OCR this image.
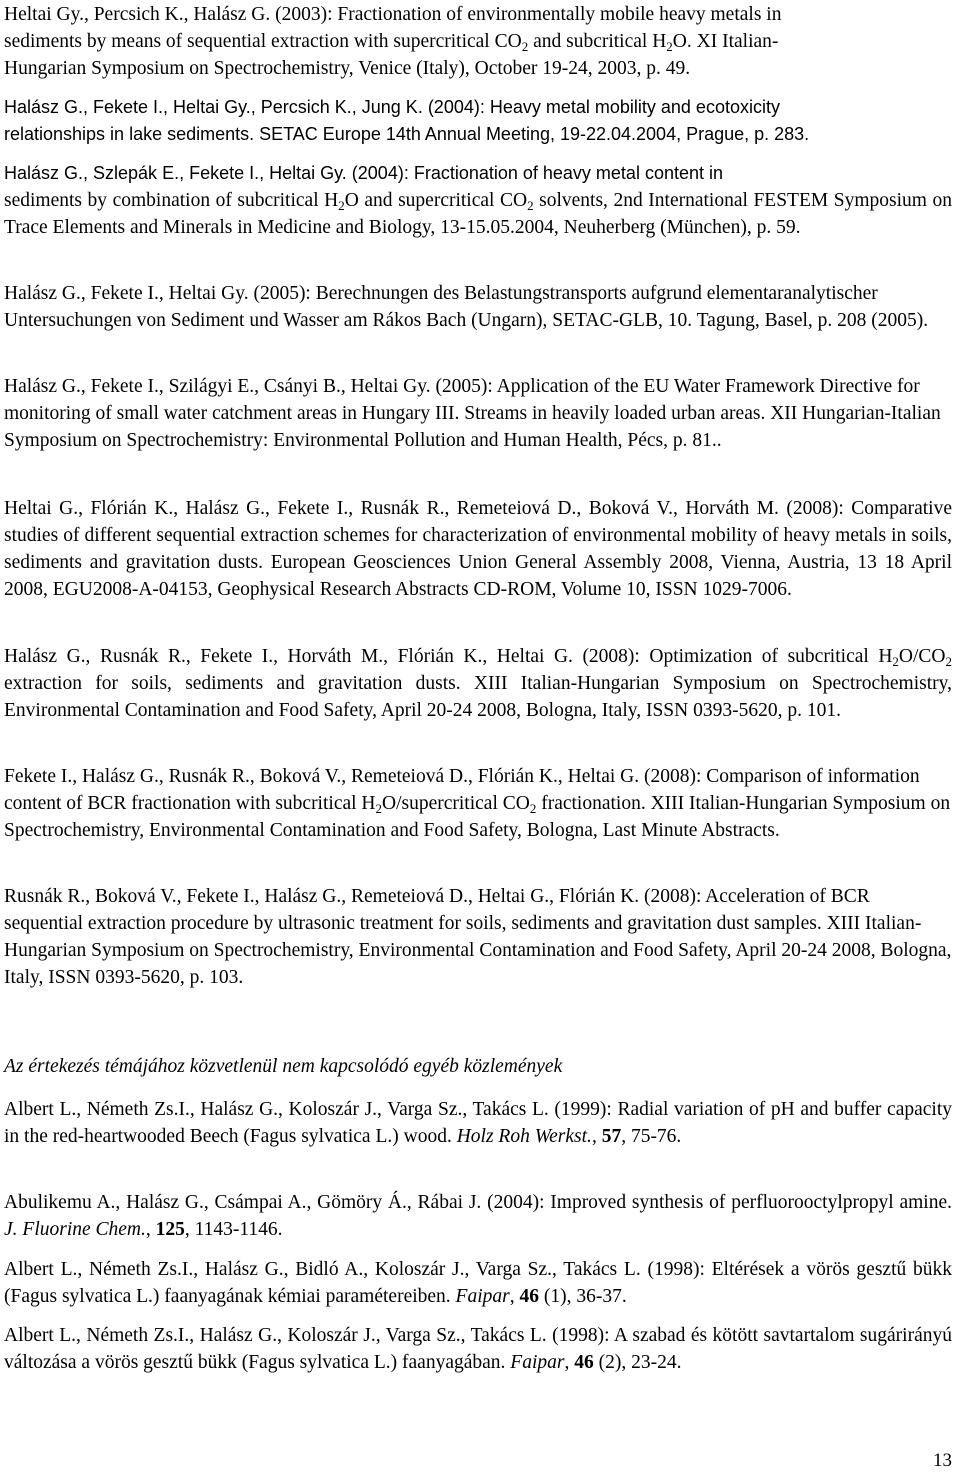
Heltai Gy., Percsich K., Halász G. (2003): Fractionation of environmentally mobile heavy metals in

sediments by means of sequential extraction with supercritical $CO_2$ and subcritical $H_2O$. XI Italian-

Hungarian Symposium on Spectrochemistry, Venice (Italy), October 19-24, 2003, p. 49.

Halász G., Fekete I., Heltai Gy., Percsich K., Jung K. (2004): Heavy metal mobility and ecotoxicity

relationships in lake sediments. SETAC Europe 14th Annual Meeting, 19-22.04.2004, Prague, p. 283.

Halász G., Szlepák E., Fekete I., Heltai Gy. (2004): Fractionation of heavy metal content in

sediments by combination of subcritical $H_2O$ and supercritical $CO_2$ solvents, 2nd International FESTEM Symposium on Trace Elements and Minerals in Medicine and Biology, 13-15.05.2004, Neuherberg (München), p. 59.

Halász G., Fekete I., Heltai Gy. (2005): Berechnungen des Belastungstransports aufgrund elementaranalytischer Untersuchungen von Sediment und Wasser am Rákos Bach (Ungarn), SETAC-GLB, 10. Tagung, Basel, p. 208 (2005).

Halász G., Fekete I., Szilágyi E., Csányi B., Heltai Gy. (2005): Application of the EU Water Framework Directive for monitoring of small water catchment areas in Hungary III. Streams in heavily loaded urban areas. XII Hungarian-Italian Symposium on Spectrochemistry: Environmental Pollution and Human Health, Pécs, p. 81..

Heltai G., Flórián K., Halász G., Fekete I., Rusnák R., Remeteiová D., Boková V., Horváth M. (2008): Comparative studies of different sequential extraction schemes for characterization of environmental mobility of heavy metals in soils, sediments and gravitation dusts. European Geosciences Union General Assembly 2008, Vienna, Austria, 13 18 April 2008, EGU2008-A-04153, Geophysical Research Abstracts CD-ROM, Volume 10, ISSN 1029-7006.

Halász G., Rusnák R., Fekete I., Horváth M., Flórián K., Heltai G. (2008): Optimization of subcritical $H_2O/CO_2$ extraction for soils, sediments and gravitation dusts. XIII Italian-Hungarian Symposium on Spectrochemistry, Environmental Contamination and Food Safety, April 20-24 2008, Bologna, Italy, ISSN 0393-5620, p. 101.

Fekete I., Halász G., Rusnák R., Boková V., Remeteiová D., Flórián K., Heltai G. (2008): Comparison of information content of BCR fractionation with subcritical $H_2O$/supercritical $CO_2$ fractionation. XIII Italian-Hungarian Symposium on Spectrochemistry, Environmental Contamination and Food Safety, Bologna, Last Minute Abstracts.

Rusnák R., Boková V., Fekete I., Halász G., Remeteiová D., Heltai G., Flórián K. (2008): Acceleration of BCR sequential extraction procedure by ultrasonic treatment for soils, sediments and gravitation dust samples. XIII Italian-Hungarian Symposium on Spectrochemistry, Environmental Contamination and Food Safety, April 20-24 2008, Bologna, Italy, ISSN 0393-5620, p. 103.

Az értekezés témájához közvetlenül nem kapcsolódó egyéb közlemények

Albert L., Németh Zs.I., Halász G., Koloszár J., Varga Sz., Takács L. (1999): Radial variation of pH and buffer capacity in the red-heartwooded Beech (Fagus sylvatica L.) wood. Holz Roh Werkst., 57, 75-76.

Abulikemu A., Halász G., Csámpai A., Gömöry Á., Rábai J. (2004): Improved synthesis of perfluorooctylpropyl amine. J. Fluorine Chem., 125, 1143-1146.

Albert L., Németh Zs.I., Halász G., Bidló A., Koloszár J., Varga Sz., Takács L. (1998): Eltérések a vörös gesztű bükk (Fagus sylvatica L.) faanyagának kémiai paramétereiben. Faipar, 46 (1), 36-37.

Albert L., Németh Zs.I., Halász G., Koloszár J., Varga Sz., Takács L. (1998): A szabad és kötött savtartalom sugárirányú változása a vörös gesztű bükk (Fagus sylvatica L.) faanyagában. Faipar, 46 (2), 23-24.

13
